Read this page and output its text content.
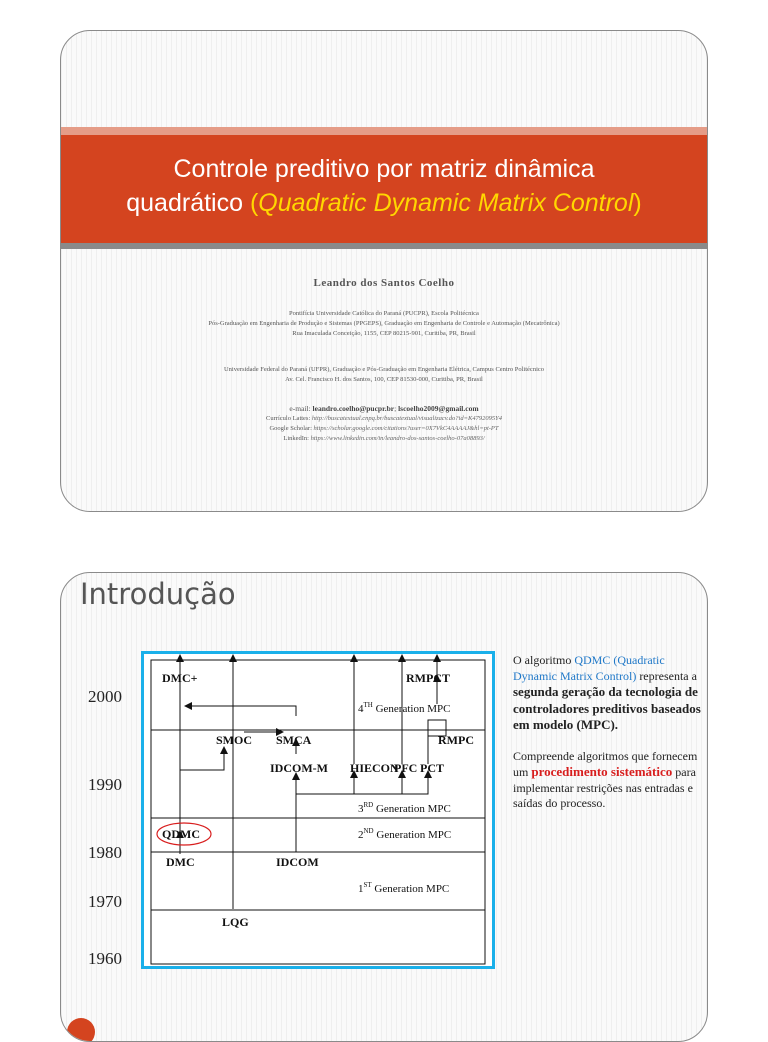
Controle preditivo por matriz dinâmica
quadrático (Quadratic Dynamic Matrix Control)
Leandro dos Santos Coelho
Pontifícia Universidade Católica do Paraná (PUCPR), Escola Politécnica
Pós-Graduação em Engenharia de Produção e Sistemas (PPGEPS), Graduação em Engenharia de Controle e Automação (Mecatrônica)
Rua Imaculada Conceição, 1155, CEP 80215-901, Curitiba, PR, Brasil
Universidade Federal do Paraná (UFPR), Graduação e Pós-Graduação em Engenharia Elétrica, Campus Centro Politécnico
Av. Cel. Francisco H. dos Santos, 100, CEP 81530-000, Curitiba, PR, Brasil
e-mail: leandro.coelho@pucpr.br; lscoelho2009@gmail.com
Currículo Lattes: http://buscatextual.cnpq.br/buscatextual/visualizacv.do?id=K4792095Y4
Google Scholar: https://scholar.google.com/citations?user=0X7VkC4AAAAJ&hl=pt-PT
LinkedIn: https://www.linkedin.com/in/leandro-dos-santos-coelho-07a08893/
Introdução
2000
1990
1980
1970
1960
DMC+	RMPCT
4TH Generation MPC
SMOC SMCA	RMPC
IDCOM-M HIECON
PFC PCT
3RD Generation MPC
QDMC	2ND Generation MPC
DMC	IDCOM
1ST Generation MPC
LQG

O algoritmo QDMC (Quadratic Dynamic Matrix Control) representa a segunda geração da tecnologia de controladores preditivos baseados em modelo (MPC).

Compreende algoritmos que fornecem um procedimento sistemático para implementar restrições nas entradas e saídas do processo.
